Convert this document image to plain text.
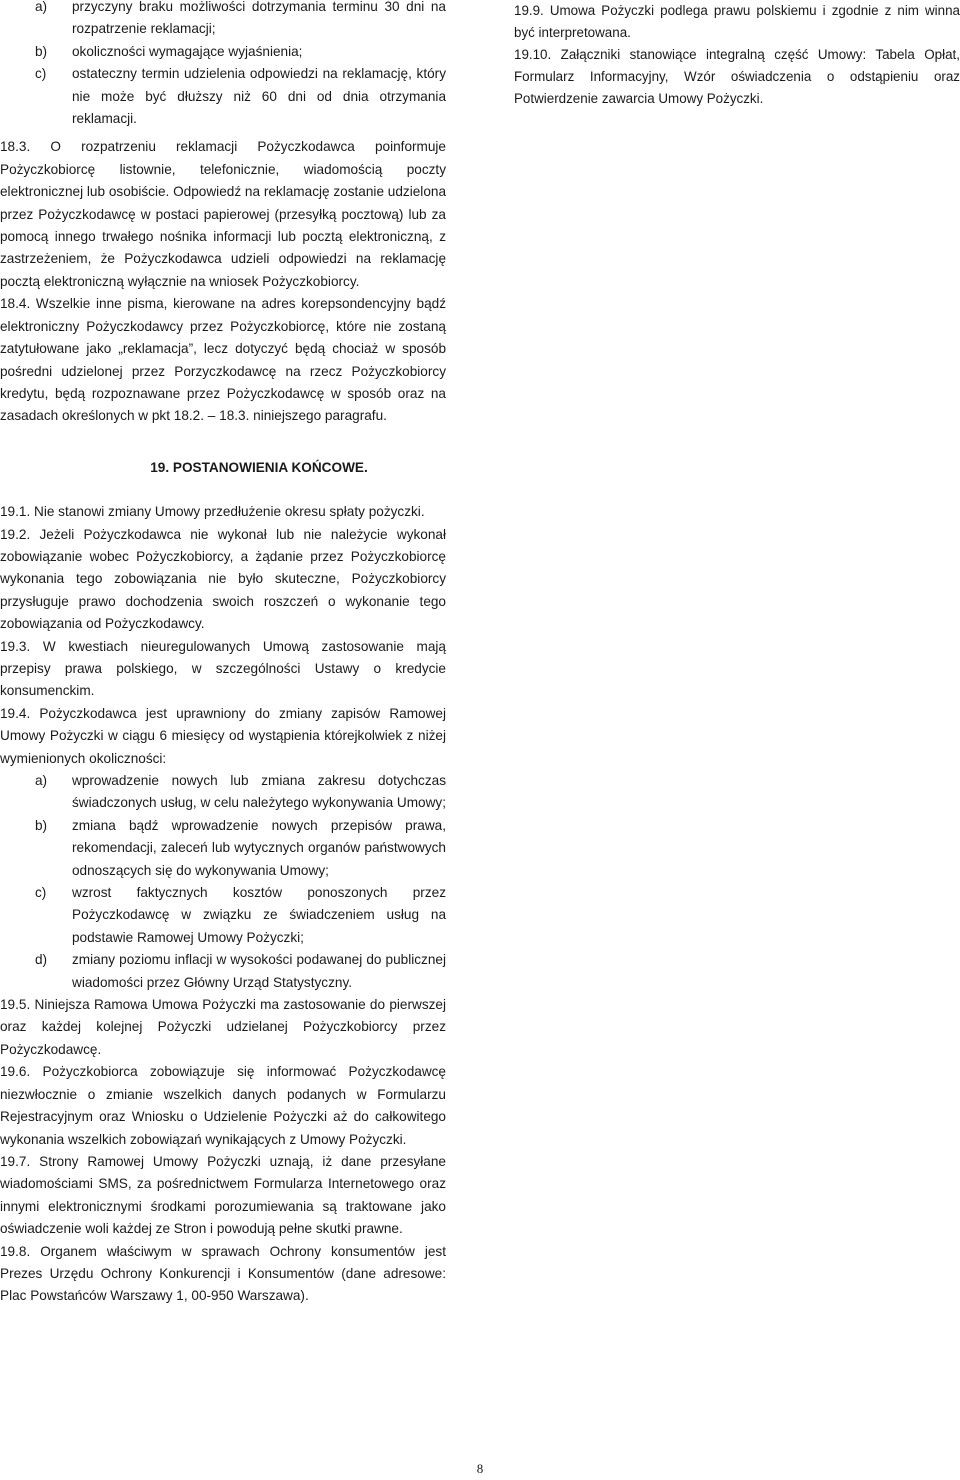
a) przyczyny braku możliwości dotrzymania terminu 30 dni na rozpatrzenie reklamacji;
b) okoliczności wymagające wyjaśnienia;
c) ostateczny termin udzielenia odpowiedzi na reklamację, który nie może być dłuższy niż 60 dni od dnia otrzymania reklamacji.

18.3. O rozpatrzeniu reklamacji Pożyczkodawca poinformuje Pożyczkobiorcę listownie, telefonicznie, wiadomością poczty elektronicznej lub osobiście. Odpowiedź na reklamację zostanie udzielona przez Pożyczkodawcę w postaci papierowej (przesyłką pocztową) lub za pomocą innego trwałego nośnika informacji lub pocztą elektroniczną, z zastrzeżeniem, że Pożyczkodawca udzieli odpowiedzi na reklamację pocztą elektroniczną wyłącznie na wniosek Pożyczkobiorcy.

18.4. Wszelkie inne pisma, kierowane na adres korepsondencyjny bądź elektroniczny Pożyczkodawcy przez Pożyczkobiorcę, które nie zostaną zatytułowane jako „reklamacja”, lecz dotyczyć będą chociaż w sposób pośredni udzielonej przez Porzyczkodawcę na rzecz Pożyczkobiorcy kredytu, będą rozpoznawane przez Pożyczkodawcę w sposób oraz na zasadach określonych w pkt 18.2. – 18.3. niniejszego paragrafu.

19. POSTANOWIENIA KOŃCOWE.

19.1. Nie stanowi zmiany Umowy przedłużenie okresu spłaty pożyczki.

19.2. Jeżeli Pożyczkodawca nie wykonał lub nie należycie wykonał zobowiązanie wobec Pożyczkobiorcy, a żądanie przez Pożyczkobiorcę wykonania tego zobowiązania nie było skuteczne, Pożyczkobiorcy przysługuje prawo dochodzenia swoich roszczeń o wykonanie tego zobowiązania od Pożyczkodawcy.

19.3. W kwestiach nieuregulowanych Umową zastosowanie mają przepisy prawa polskiego, w szczególności Ustawy o kredycie konsumenckim.

19.4. Pożyczkodawca jest uprawniony do zmiany zapisów Ramowej Umowy Pożyczki w ciągu 6 miesięcy od wystąpienia którejkolwiek z niżej wymienionych okoliczności:

a) wprowadzenie nowych lub zmiana zakresu dotychczas świadczonych usług, w celu należytego wykonywania Umowy;
b) zmiana bądź wprowadzenie nowych przepisów prawa, rekomendacji, zaleceń lub wytycznych organów państwowych odnoszących się do wykonywania Umowy;
c) wzrost faktycznych kosztów ponoszonych przez Pożyczkodawcę w związku ze świadczeniem usług na podstawie Ramowej Umowy Pożyczki;
d) zmiany poziomu inflacji w wysokości podawanej do publicznej wiadomości przez Główny Urząd Statystyczny.

19.5. Niniejsza Ramowa Umowa Pożyczki ma zastosowanie do pierwszej oraz każdej kolejnej Pożyczki udzielanej Pożyczkobiorcy przez Pożyczkodawcę.

19.6. Pożyczkobiorca zobowiązuje się informować Pożyczkodawcę niezwłocznie o zmianie wszelkich danych podanych w Formularzu Rejestracyjnym oraz Wniosku o Udzielenie Pożyczki aż do całkowitego wykonania wszelkich zobowiązań wynikających z Umowy Pożyczki.

19.7. Strony Ramowej Umowy Pożyczki uznają, iż dane przesyłane wiadomościami SMS, za pośrednictwem Formularza Internetowego oraz innymi elektronicznymi środkami porozumiewania są traktowane jako oświadczenie woli każdej ze Stron i powodują pełne skutki prawne.

19.8. Organem właściwym w sprawach Ochrony konsumentów jest Prezes Urzędu Ochrony Konkurencji i Konsumentów (dane adresowe: Plac Powstańców Warszawy 1, 00-950 Warszawa).

19.9. Umowa Pożyczki podlega prawu polskiemu i zgodnie z nim winna być interpretowana.

19.10. Załączniki stanowiące integralną część Umowy: Tabela Opłat, Formularz Informacyjny, Wzór oświadczenia o odstąpieniu oraz Potwierdzenie zawarcia Umowy Pożyczki.

8
